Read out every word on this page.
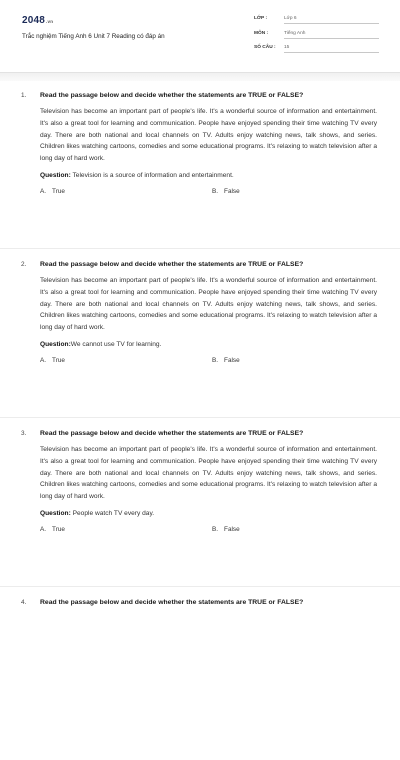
2048.vn
Trắc nghiệm Tiếng Anh 6 Unit 7 Reading có đáp án
LỚP :	Lớp 6
MÔN :	Tiếng Anh
SỐ CÂU :	15
1. Read the passage below and decide whether the statements are TRUE or FALSE?
Television has become an important part of people's life. It's a wonderful source of information and entertainment. It's also a great tool for learning and communication. People have enjoyed spending their time watching TV every day. There are both national and local channels on TV. Adults enjoy watching news, talk shows, and series. Children likes watching cartoons, comedies and some educational programs. It's relaxing to watch television after a long day of hard work.
Question: Television is a source of information and entertainment.
A. True	B. False
2. Read the passage below and decide whether the statements are TRUE or FALSE?
Television has become an important part of people's life. It's a wonderful source of information and entertainment. It's also a great tool for learning and communication. People have enjoyed spending their time watching TV every day. There are both national and local channels on TV. Adults enjoy watching news, talk shows, and series. Children likes watching cartoons, comedies and some educational programs. It's relaxing to watch television after a long day of hard work.
Question:We cannot use TV for learning.
A. True	B. False
3. Read the passage below and decide whether the statements are TRUE or FALSE?
Television has become an important part of people's life. It's a wonderful source of information and entertainment. It's also a great tool for learning and communication. People have enjoyed spending their time watching TV every day. There are both national and local channels on TV. Adults enjoy watching news, talk shows, and series. Children likes watching cartoons, comedies and some educational programs. It's relaxing to watch television after a long day of hard work.
Question: People watch TV every day.
A. True	B. False
4. Read the passage below and decide whether the statements are TRUE or FALSE?
